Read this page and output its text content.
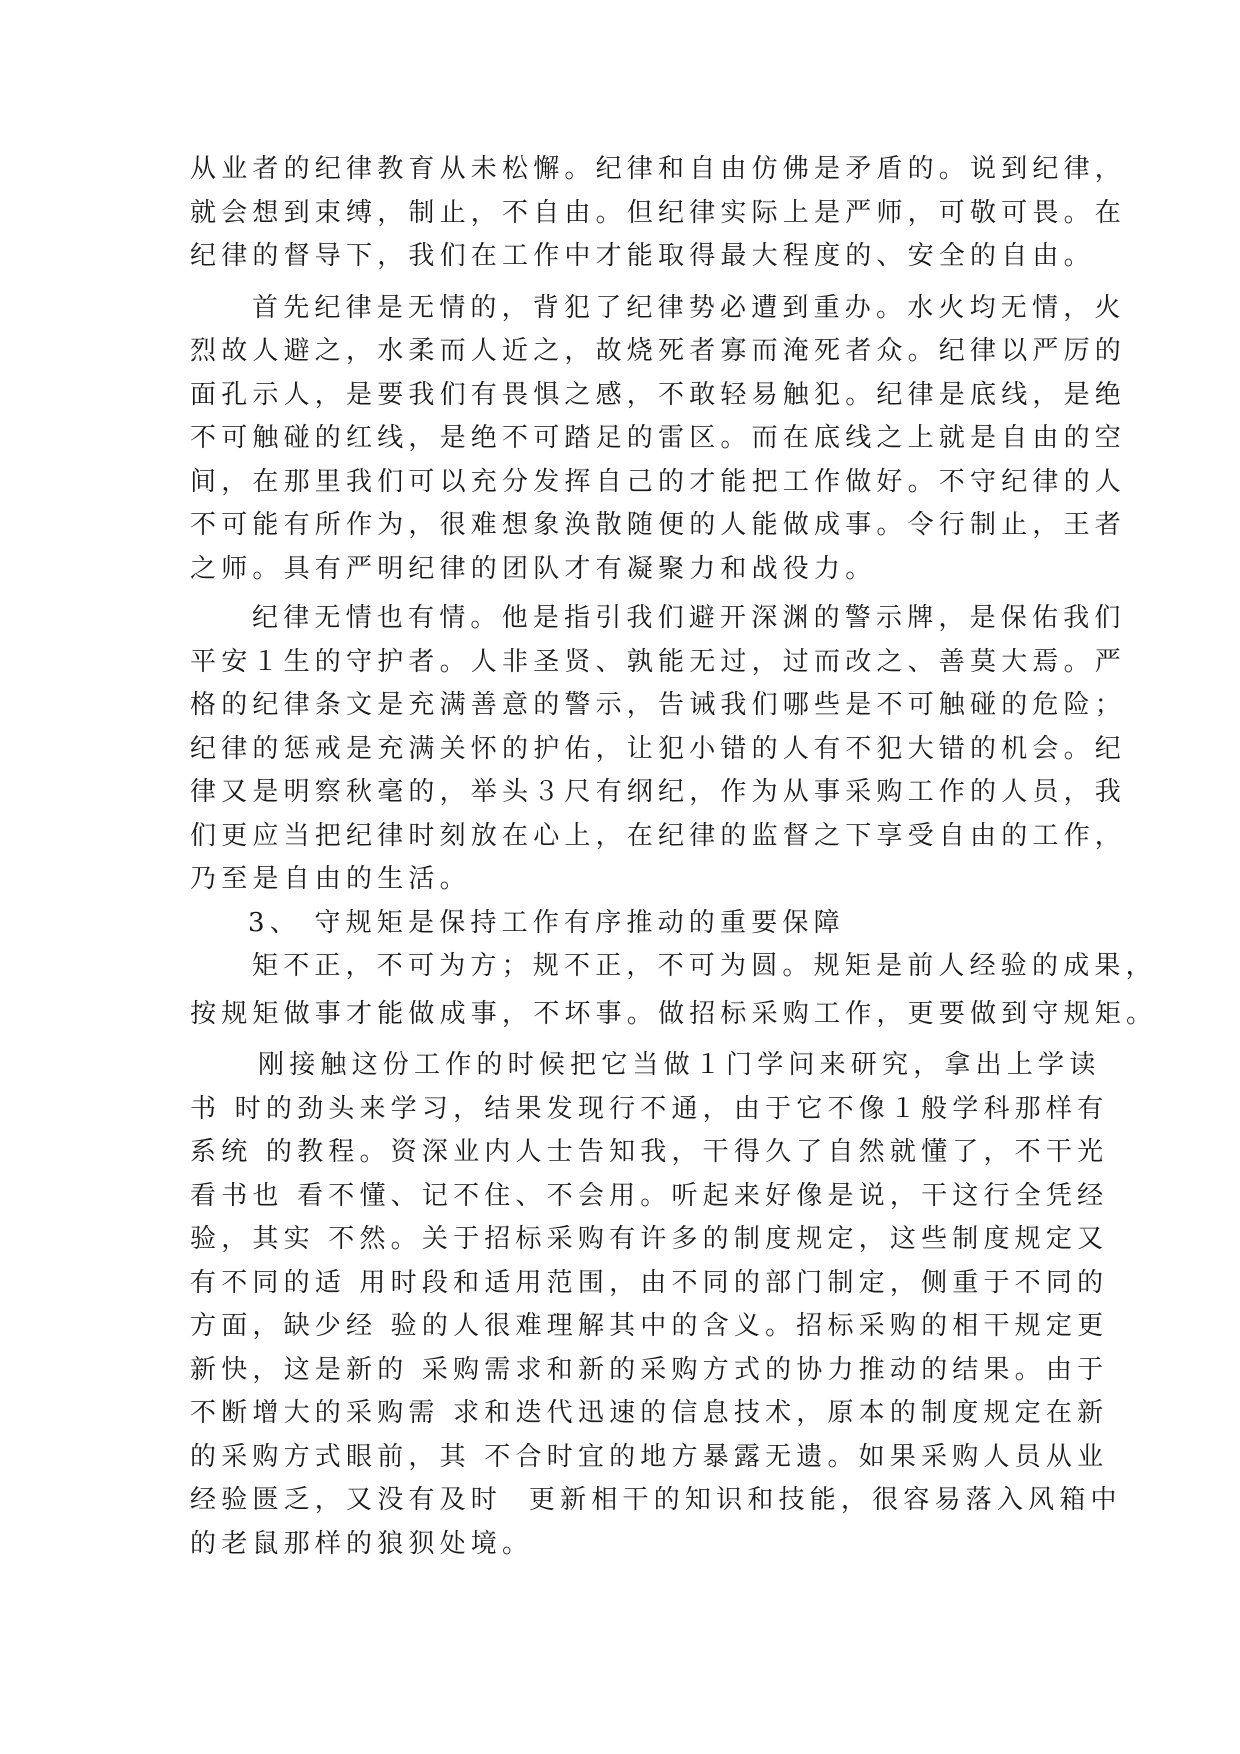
从业者的纪律教育从未松懈。纪律和自由仿佛是矛盾的。说到纪律，
就会想到束缚，制止，不自由。但纪律实际上是严师，可敬可畏。在
纪律的督导下，我们在工作中才能取得最大程度的、安全的自由。
首先纪律是无情的，背犯了纪律势必遭到重办。水火均无情，火
烈故人避之，水柔而人近之，故烧死者寡而淹死者众。纪律以严厉的
面孔示人，是要我们有畏惧之感，不敢轻易触犯。纪律是底线，是绝
不可触碰的红线，是绝不可踏足的雷区。而在底线之上就是自由的空
间，在那里我们可以充分发挥自己的才能把工作做好。不守纪律的人
不可能有所作为，很难想象涣散随便的人能做成事。令行制止，王者
之师。具有严明纪律的团队才有凝聚力和战役力。
纪律无情也有情。他是指引我们避开深渊的警示牌，是保佑我们
平安１生的守护者。人非圣贤、孰能无过，过而改之、善莫大焉。严
格的纪律条文是充满善意的警示，告诫我们哪些是不可触碰的危险；
纪律的惩戒是充满关怀的护佑，让犯小错的人有不犯大错的机会。纪
律又是明察秋毫的，举头３尺有纲纪，作为从事采购工作的人员，我
们更应当把纪律时刻放在心上，在纪律的监督之下享受自由的工作，
乃至是自由的生活。
3、 守规矩是保持工作有序推动的重要保障
矩不正，不可为方；规不正，不可为圆。规矩是前人经验的成果，
按规矩做事才能做成事，不坏事。做招标采购工作，更要做到守规矩。
刚接触这份工作的时候把它当做１门学问来研究，拿出上学读
书 时的劲头来学习，结果发现行不通，由于它不像１般学科那样有
系统 的教程。资深业内人士告知我，干得久了自然就懂了，不干光
看书也 看不懂、记不住、不会用。听起来好像是说，干这行全凭经
验，其实 不然。关于招标采购有许多的制度规定，这些制度规定又
有不同的适 用时段和适用范围，由不同的部门制定，侧重于不同的
方面，缺少经 验的人很难理解其中的含义。招标采购的相干规定更
新快，这是新的 采购需求和新的采购方式的协力推动的结果。由于
不断增大的采购需 求和迭代迅速的信息技术，原本的制度规定在新
的采购方式眼前，其 不合时宜的地方暴露无遗。如果采购人员从业
经验匮乏，又没有及时  更新相干的知识和技能，很容易落入风箱中
的老鼠那样的狼狈处境。
